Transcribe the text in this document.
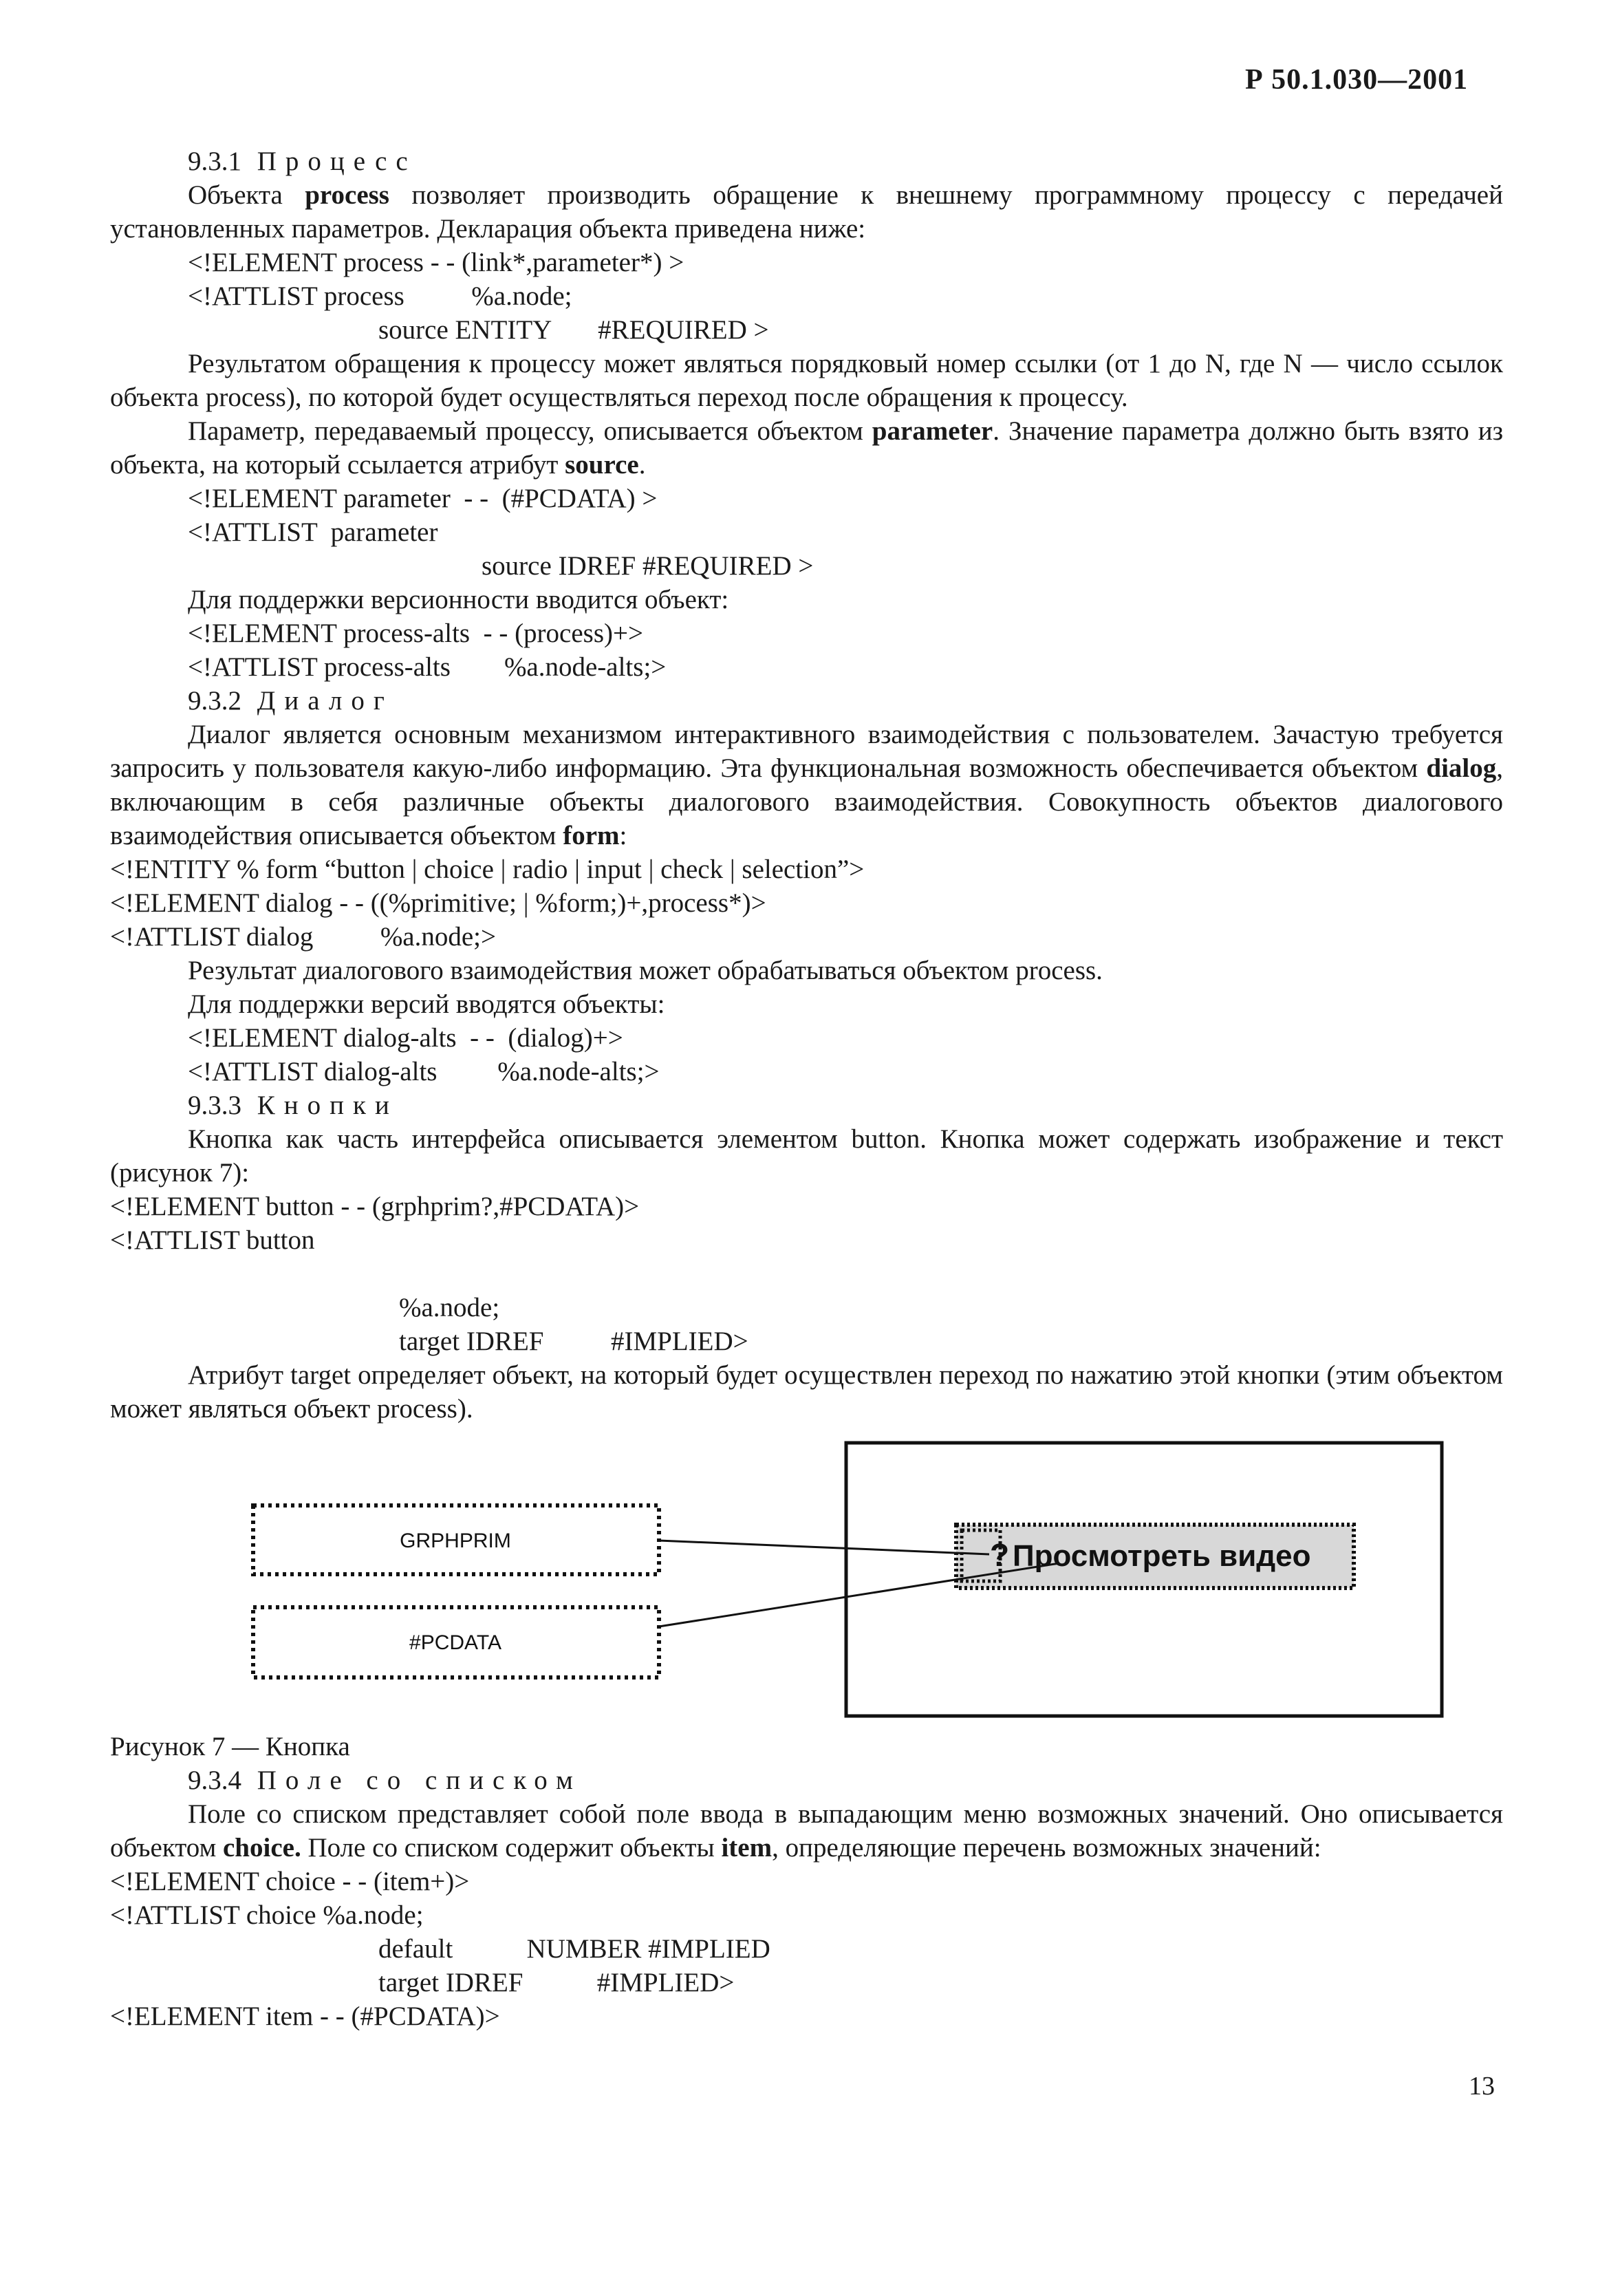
Р 50.1.030—2001

9.3.1 Процесс

Объекта process позволяет производить обращение к внешнему программному процессу с передачей установленных параметров. Декларация объекта приведена ниже:

<!ELEMENT process - - (link*,parameter*) >

<!ATTLIST process          %a.node;

source ENTITY       #REQUIRED >

Результатом обращения к процессу может являться порядковый номер ссылки (от 1 до N, где N — число ссылок объекта process), по которой будет осуществляться переход после обращения к процессу.

Параметр, передаваемый процессу, описывается объектом parameter. Значение параметра должно быть взято из объекта, на который ссылается атрибут source.

<!ELEMENT parameter  - -  (#PCDATA) >

<!ATTLIST  parameter

source IDREF #REQUIRED >

Для поддержки версионности вводится объект:

<!ELEMENT process-alts  - - (process)+>

<!ATTLIST process-alts        %a.node-alts;>

9.3.2 Диалог

Диалог является основным механизмом интерактивного взаимодействия с пользователем. Зачастую требуется запросить у пользователя какую-либо информацию. Эта функциональная возможность обеспечивается объектом dialog, включающим в себя различные объекты диалогового взаимодействия. Совокупность объектов диалогового взаимодействия описывается объектом form:

<!ENTITY % form “button | choice | radio | input | check | selection”>

<!ELEMENT dialog - - ((%primitive; | %form;)+,process*)>

<!ATTLIST dialog          %a.node;>

Результат диалогового взаимодействия может обрабатываться объектом process.

Для поддержки версий вводятся объекты:

<!ELEMENT dialog-alts  - -  (dialog)+>

<!ATTLIST dialog-alts         %a.node-alts;>

9.3.3 Кнопки

Кнопка как часть интерфейса описывается элементом button. Кнопка может содержать изображение и текст (рисунок 7):

<!ELEMENT button - - (grphprim?,#PCDATA)>

<!ATTLIST button

%a.node;

target IDREF          #IMPLIED>

Атрибут target определяет объект, на который будет осуществлен переход по нажатию этой кнопки (этим объектом может являться объект process).

GRPHPRIM
#PCDATA
? Просмотреть видео

Рисунок 7 — Кнопка

9.3.4 Поле со списком

Поле со списком представляет собой поле ввода в выпадающим меню возможных значений. Оно описывается объектом choice. Поле со списком содержит объекты item, определяющие перечень возможных значений:

<!ELEMENT choice - - (item+)>

<!ATTLIST choice %a.node;

default           NUMBER #IMPLIED

target IDREF           #IMPLIED>

<!ELEMENT item - - (#PCDATA)>

13
